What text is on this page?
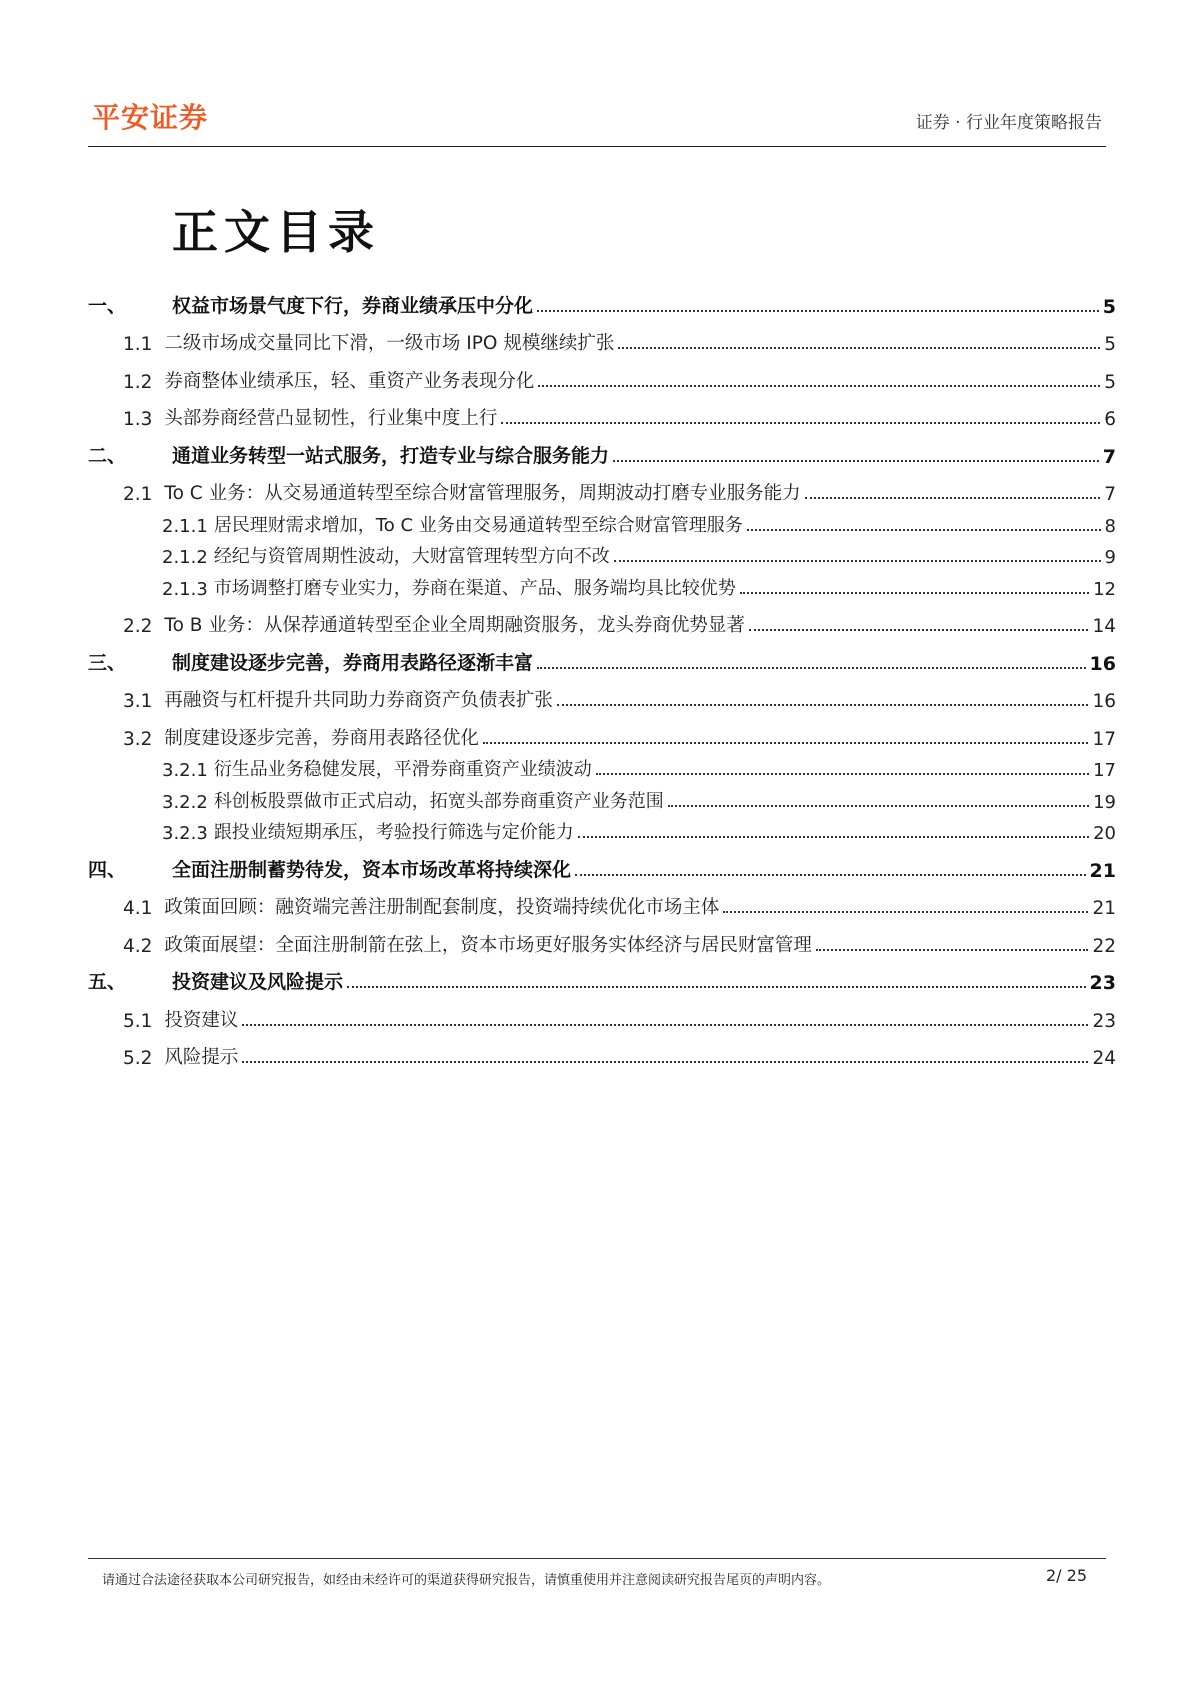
平安证券	证券 · 行业年度策略报告
正文目录
一、	权益市场景气度下行，券商业绩承压中分化	5
1.1 二级市场成交量同比下滑，一级市场 IPO 规模继续扩张	5
1.2 券商整体业绩承压，轻、重资产业务表现分化	5
1.3 头部券商经营凸显韧性，行业集中度上行	6
二、	通道业务转型一站式服务，打造专业与综合服务能力	7
2.1 To C 业务：从交易通道转型至综合财富管理服务，周期波动打磨专业服务能力	7
2.1.1 居民理财需求增加，To C 业务由交易通道转型至综合财富管理服务	8
2.1.2 经纪与资管周期性波动，大财富管理转型方向不改	9
2.1.3 市场调整打磨专业实力，券商在渠道、产品、服务端均具比较优势	12
2.2 To B 业务：从保荐通道转型至企业全周期融资服务，龙头券商优势显著	14
三、	制度建设逐步完善，券商用表路径逐渐丰富	16
3.1 再融资与杠杆提升共同助力券商资产负债表扩张	16
3.2 制度建设逐步完善，券商用表路径优化	17
3.2.1 衍生品业务稳健发展，平滑券商重资产业绩波动	17
3.2.2 科创板股票做市正式启动，拓宽头部券商重资产业务范围	19
3.2.3 跟投业绩短期承压，考验投行筛选与定价能力	20
四、	全面注册制蓄势待发，资本市场改革将持续深化	21
4.1 政策面回顾：融资端完善注册制配套制度，投资端持续优化市场主体	21
4.2 政策面展望：全面注册制箭在弦上，资本市场更好服务实体经济与居民财富管理	22
五、	投资建议及风险提示	23
5.1 投资建议	23
5.2 风险提示	24
请通过合法途径获取本公司研究报告，如经由未经许可的渠道获得研究报告，请慎重使用并注意阅读研究报告尾页的声明内容。	2/ 25
